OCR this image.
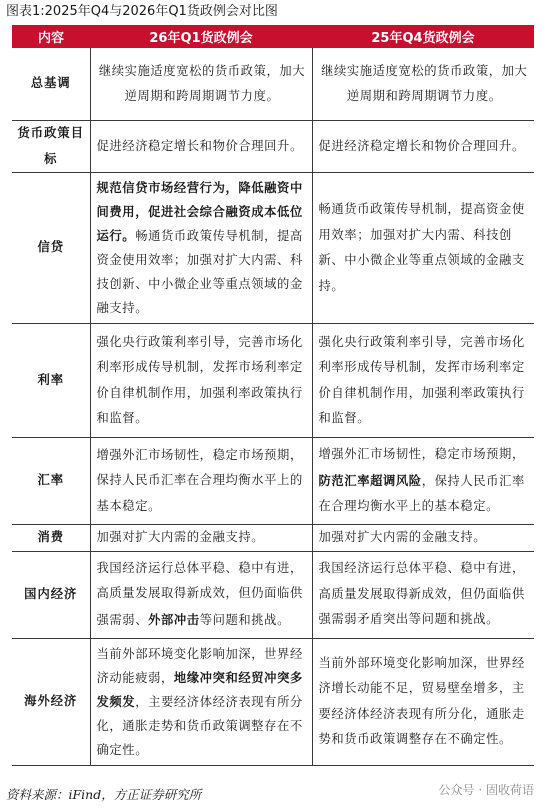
图表1:2025年Q4与2026年Q1货政例会对比图
内容	26年Q1货政例会	25年Q4货政例会
总基调	继续实施适度宽松的货币政策，加大逆周期和跨周期调节力度。	继续实施适度宽松的货币政策，加大逆周期和跨周期调节力度。
货币政策目标	促进经济稳定增长和物价合理回升。	促进经济稳定增长和物价合理回升。
信贷	规范信贷市场经营行为，降低融资中间费用，促进社会综合融资成本低位运行。畅通货币政策传导机制，提高资金使用效率；加强对扩大内需、科技创新、中小微企业等重点领域的金融支持。	畅通货币政策传导机制，提高资金使用效率；加强对扩大内需、科技创新、中小微企业等重点领域的金融支持。
利率	强化央行政策利率引导，完善市场化利率形成传导机制，发挥市场利率定价自律机制作用，加强利率政策执行和监督。	强化央行政策利率引导，完善市场化利率形成传导机制，发挥市场利率定价自律机制作用，加强利率政策执行和监督。
汇率	增强外汇市场韧性，稳定市场预期，保持人民币汇率在合理均衡水平上的基本稳定。	增强外汇市场韧性，稳定市场预期，防范汇率超调风险，保持人民币汇率在合理均衡水平上的基本稳定。
消费	加强对扩大内需的金融支持。	加强对扩大内需的金融支持。
国内经济	我国经济运行总体平稳、稳中有进，高质量发展取得新成效，但仍面临供强需弱、外部冲击等问题和挑战。	我国经济运行总体平稳、稳中有进，高质量发展取得新成效，但仍面临供强需弱矛盾突出等问题和挑战。
海外经济	当前外部环境变化影响加深，世界经济动能疲弱，地缘冲突和经贸冲突多发频发，主要经济体经济表现有所分化，通胀走势和货币政策调整存在不确定性。	当前外部环境变化影响加深，世界经济增长动能不足，贸易壁垒增多，主要经济体经济表现有所分化，通胀走势和货币政策调整存在不确定性。
资料来源：iFind，方正证券研究所	公众号 · 固收荷语
